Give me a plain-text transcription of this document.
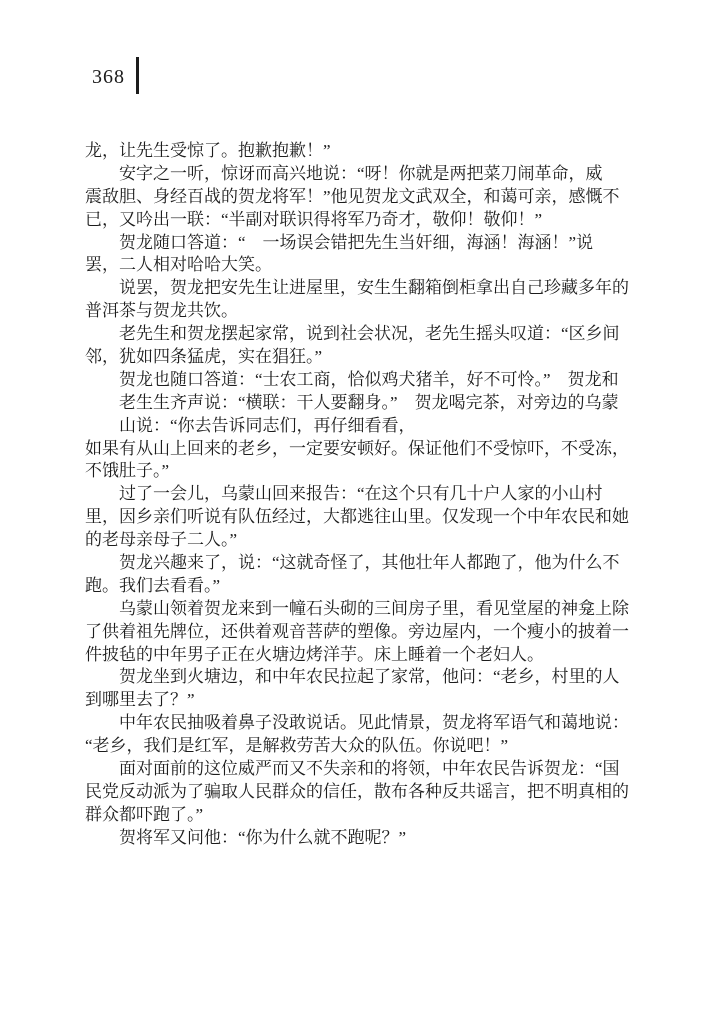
368
龙，让先生受惊了。抱歉抱歉！”
　　安字之一听，惊讶而高兴地说：“呀！你就是两把菜刀闹革命，威
震敌胆、身经百战的贺龙将军！”他见贺龙文武双全，和蔼可亲，感慨不
已，又吟出一联：“半副对联识得将军乃奇才，敬仰！敬仰！”
　　贺龙随口答道：“　一场误会错把先生当奸细，海涵！海涵！”说
罢，二人相对哈哈大笑。
　　说罢，贺龙把安先生让进屋里，安生生翻箱倒柜拿出自己珍藏多年的
普洱茶与贺龙共饮。
　　老先生和贺龙摆起家常，说到社会状况，老先生摇头叹道：“区乡间
邻，犹如四条猛虎，实在猖狂。”
　　贺龙也随口答道：“士农工商，恰似鸡犬猪羊，好不可怜。”　贺龙和
　　老生生齐声说：“横联：干人要翻身。”　贺龙喝完茶，对旁边的乌蒙
　　山说：“你去告诉同志们，再仔细看看，
如果有从山上回来的老乡，一定要安顿好。保证他们不受惊吓，不受冻，
不饿肚子。”
　　过了一会儿，乌蒙山回来报告：“在这个只有几十户人家的小山村
里，因乡亲们听说有队伍经过，大都逃往山里。仅发现一个中年农民和她
的老母亲母子二人。”
　　贺龙兴趣来了，说：“这就奇怪了，其他壮年人都跑了，他为什么不
跑。我们去看看。”
　　乌蒙山领着贺龙来到一幢石头砌的三间房子里，看见堂屋的神龛上除
了供着祖先牌位，还供着观音菩萨的塑像。旁边屋内，一个瘦小的披着一
件披毡的中年男子正在火塘边烤洋芋。床上睡着一个老妇人。
　　贺龙坐到火塘边，和中年农民拉起了家常，他问：“老乡，村里的人
到哪里去了？”
　　中年农民抽吸着鼻子没敢说话。见此情景，贺龙将军语气和蔼地说：
“老乡，我们是红军，是解救劳苦大众的队伍。你说吧！”
　　面对面前的这位威严而又不失亲和的将领，中年农民告诉贺龙：“国
民党反动派为了骗取人民群众的信任，散布各种反共谣言，把不明真相的
群众都吓跑了。”
　　贺将军又问他：“你为什么就不跑呢？”
